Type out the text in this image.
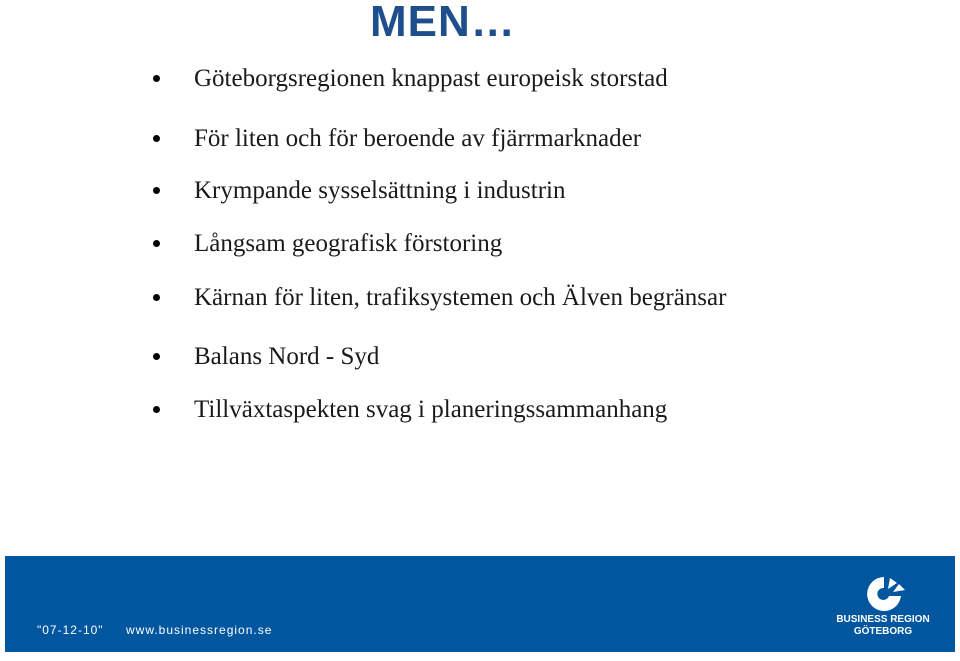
MEN…
Göteborgsregionen knappast europeisk storstad
För liten och för beroende av fjärrmarknader
Krympande sysselsättning i industrin
Långsam geografisk förstoring
Kärnan för liten, trafiksystemen och Älven begränsar
Balans Nord - Syd
Tillväxtaspekten svag i planeringssammanhang
"07-12-10" www.businessregion.se
BUSINESS REGION
GÖTEBORG
